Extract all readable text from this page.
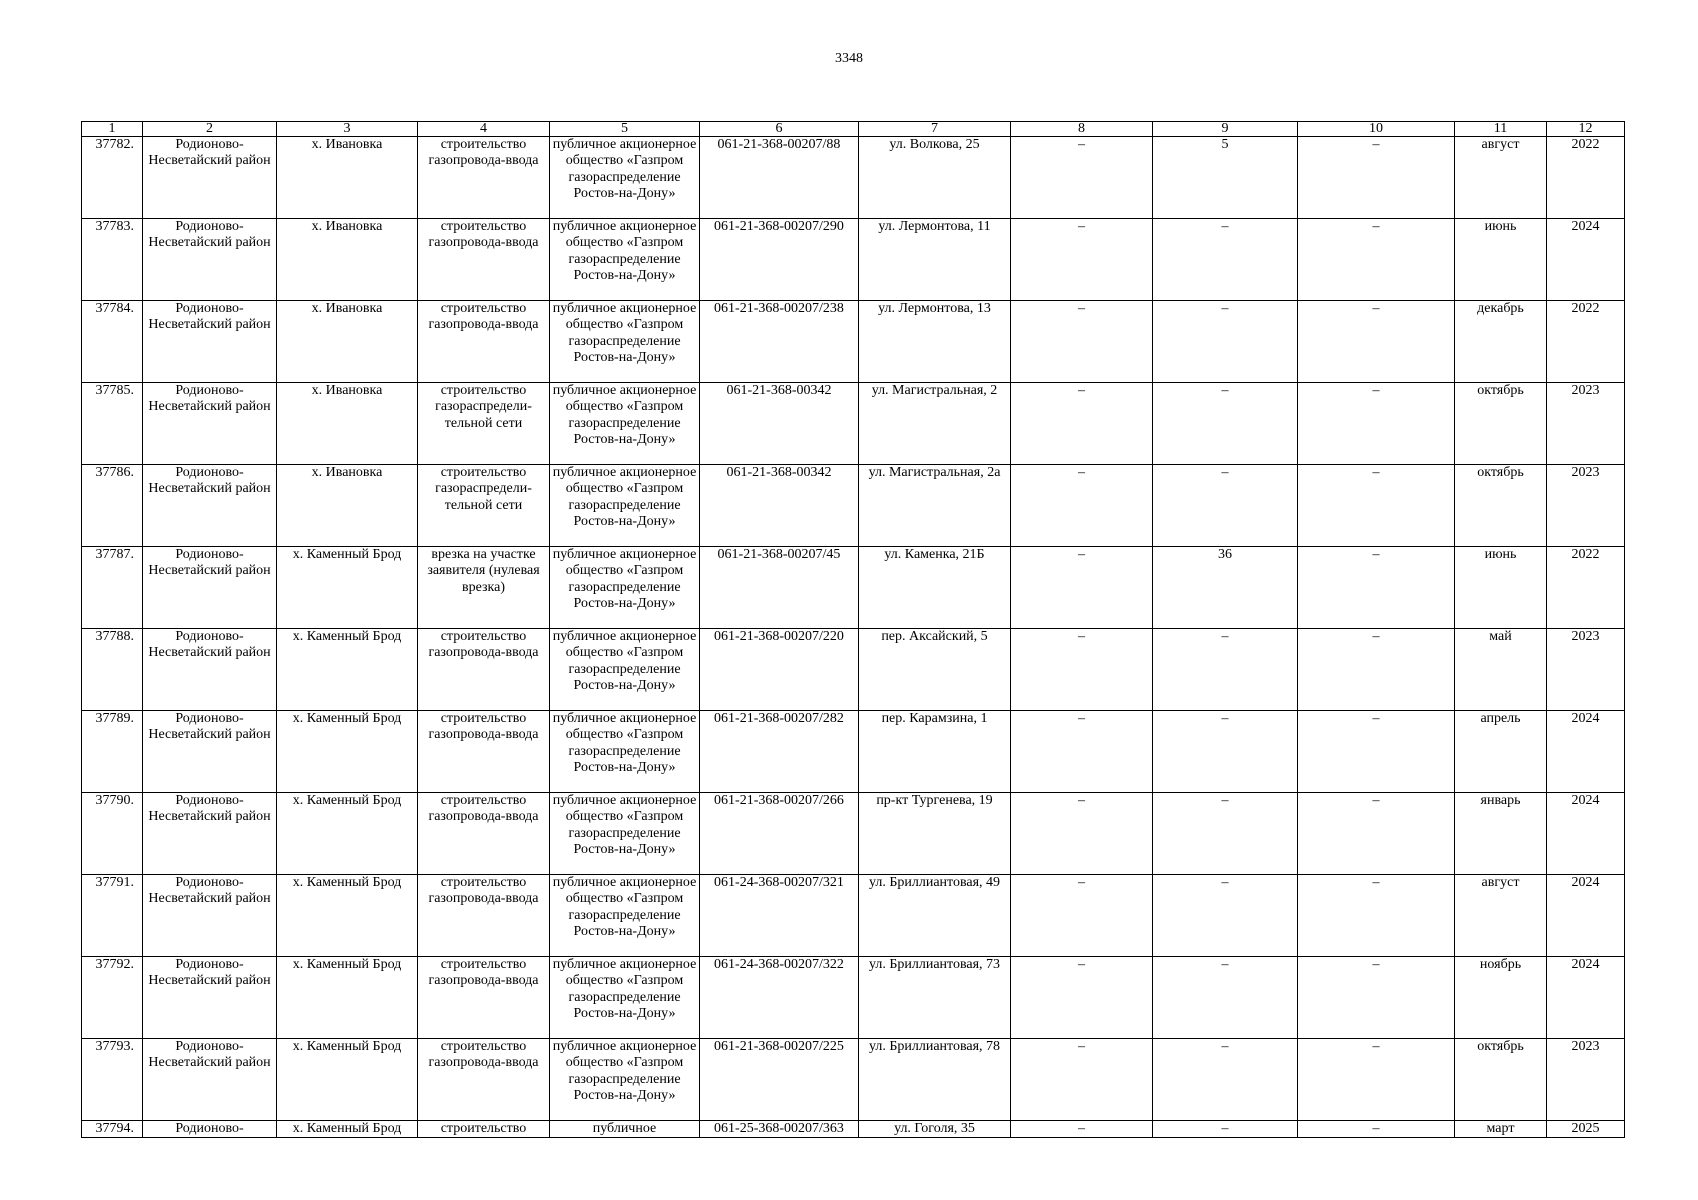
3348
1	2	3	4	5	6	7	8	9	10	11	12
37782.	Родионово-Несветайский район	х. Ивановка	строительство газопровода-ввода	публичное акционерное общество «Газпром газораспределение Ростов-на-Дону»	061-21-368-00207/88	ул. Волкова, 25	–	5	–	август	2022
37783.	Родионово-Несветайский район	х. Ивановка	строительство газопровода-ввода	публичное акционерное общество «Газпром газораспределение Ростов-на-Дону»	061-21-368-00207/290	ул. Лермонтова, 11	–	–	–	июнь	2024
37784.	Родионово-Несветайский район	х. Ивановка	строительство газопровода-ввода	публичное акционерное общество «Газпром газораспределение Ростов-на-Дону»	061-21-368-00207/238	ул. Лермонтова, 13	–	–	–	декабрь	2022
37785.	Родионово-Несветайский район	х. Ивановка	строительство газораспредели-тельной сети	публичное акционерное общество «Газпром газораспределение Ростов-на-Дону»	061-21-368-00342	ул. Магистральная, 2	–	–	–	октябрь	2023
37786.	Родионово-Несветайский район	х. Ивановка	строительство газораспредели-тельной сети	публичное акционерное общество «Газпром газораспределение Ростов-на-Дону»	061-21-368-00342	ул. Магистральная, 2а	–	–	–	октябрь	2023
37787.	Родионово-Несветайский район	х. Каменный Брод	врезка на участке заявителя (нулевая врезка)	публичное акционерное общество «Газпром газораспределение Ростов-на-Дону»	061-21-368-00207/45	ул. Каменка, 21Б	–	36	–	июнь	2022
37788.	Родионово-Несветайский район	х. Каменный Брод	строительство газопровода-ввода	публичное акционерное общество «Газпром газораспределение Ростов-на-Дону»	061-21-368-00207/220	пер. Аксайский, 5	–	–	–	май	2023
37789.	Родионово-Несветайский район	х. Каменный Брод	строительство газопровода-ввода	публичное акционерное общество «Газпром газораспределение Ростов-на-Дону»	061-21-368-00207/282	пер. Карамзина, 1	–	–	–	апрель	2024
37790.	Родионово-Несветайский район	х. Каменный Брод	строительство газопровода-ввода	публичное акционерное общество «Газпром газораспределение Ростов-на-Дону»	061-21-368-00207/266	пр-кт Тургенева, 19	–	–	–	январь	2024
37791.	Родионово-Несветайский район	х. Каменный Брод	строительство газопровода-ввода	публичное акционерное общество «Газпром газораспределение Ростов-на-Дону»	061-24-368-00207/321	ул. Бриллиантовая, 49	–	–	–	август	2024
37792.	Родионово-Несветайский район	х. Каменный Брод	строительство газопровода-ввода	публичное акционерное общество «Газпром газораспределение Ростов-на-Дону»	061-24-368-00207/322	ул. Бриллиантовая, 73	–	–	–	ноябрь	2024
37793.	Родионово-Несветайский район	х. Каменный Брод	строительство газопровода-ввода	публичное акционерное общество «Газпром газораспределение Ростов-на-Дону»	061-21-368-00207/225	ул. Бриллиантовая, 78	–	–	–	октябрь	2023
37794.	Родионово-	х. Каменный Брод	строительство	публичное	061-25-368-00207/363	ул. Гоголя, 35	–	–	–	март	2025
